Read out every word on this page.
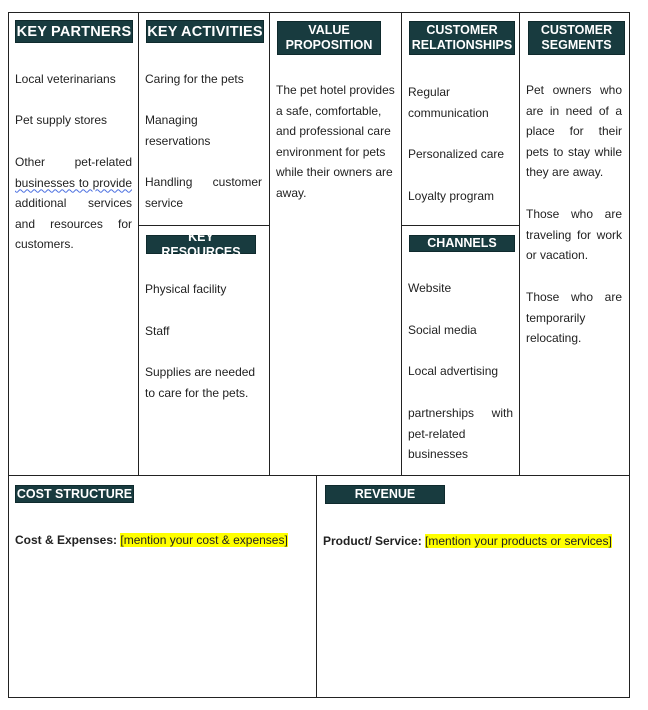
KEY PARTNERS

Local veterinarians

Pet supply stores

Other pet-related
businesses to provide
additional services
and resources for
customers.
KEY ACTIVITIES

Caring for the pets

Managing
reservations
Handling customer
service
KEY RESOURCES

Physical facility

Staff

Supplies are needed
to care for the pets.
VALUE
PROPOSITION
The pet hotel provides
a safe, comfortable,
and professional care
environment for pets
while their owners are
away.
CUSTOMER
RELATIONSHIPS
Regular
communication

Personalized care

Loyalty program

CHANNELS

Website

Social media

Local advertising

partnerships with
pet-related
businesses
CUSTOMER
SEGMENTS
Pet owners who
are in need of a
place for their
pets to stay while
they are away.
Those who are
traveling for work
or vacation.
Those who are
temporarily
relocating.
COST STRUCTURE

Cost & Expenses: [mention your cost & expenses]

REVENUE

Product/ Service: [mention your products or services]
